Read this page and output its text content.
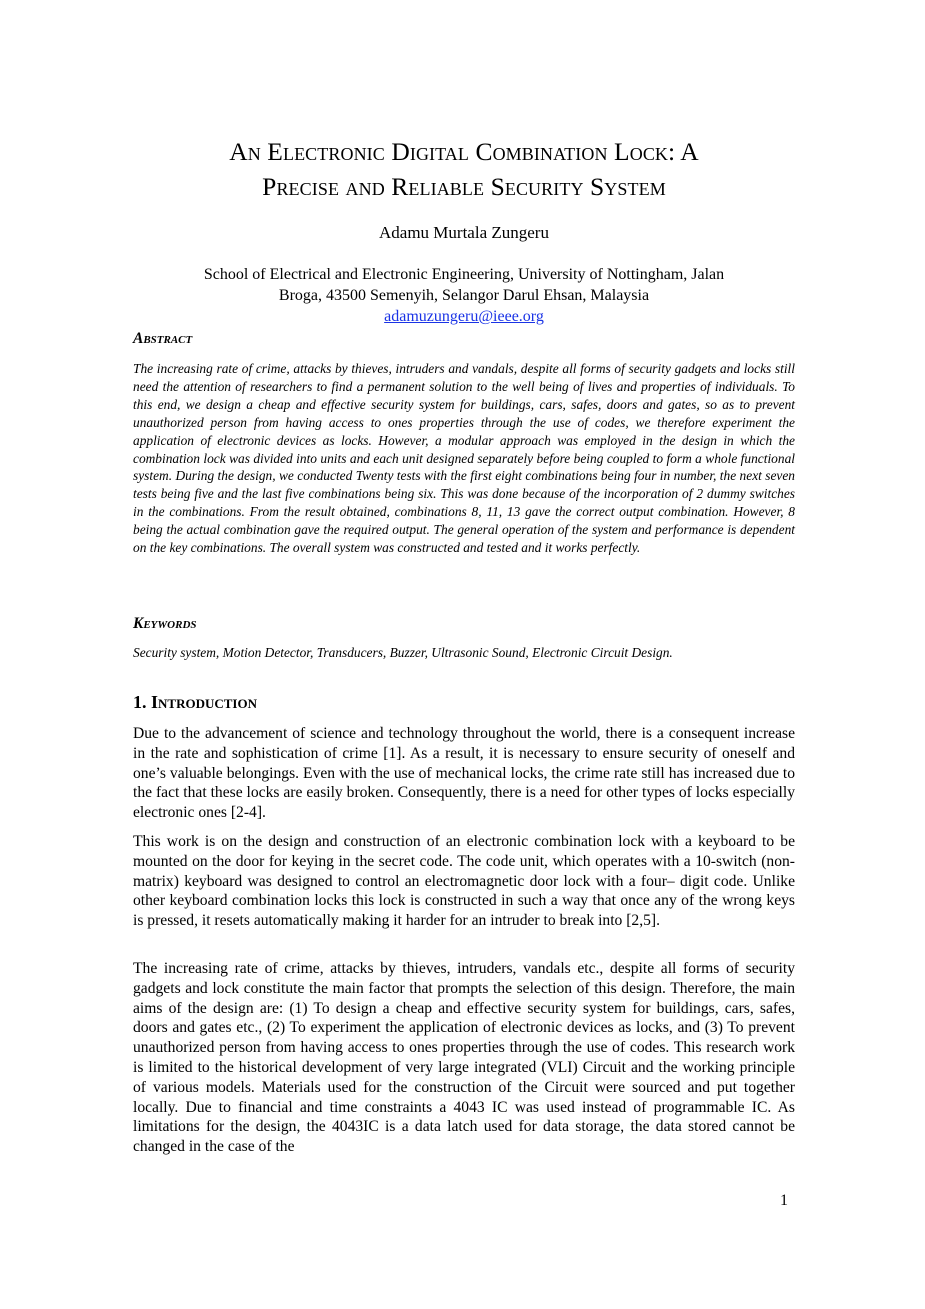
An Electronic Digital Combination Lock: A
Precise and Reliable Security System

Adamu Murtala Zungeru

School of Electrical and Electronic Engineering, University of Nottingham, Jalan
Broga, 43500 Semenyih, Selangor Darul Ehsan, Malaysia
adamuzungeru@ieee.org
Abstract

The increasing rate of crime, attacks by thieves, intruders and vandals, despite all forms of security gadgets and locks still need the attention of researchers to find a permanent solution to the well being of lives and properties of individuals. To this end, we design a cheap and effective security system for buildings, cars, safes, doors and gates, so as to prevent unauthorized person from having access to ones properties through the use of codes, we therefore experiment the application of electronic devices as locks. However, a modular approach was employed in the design in which the combination lock was divided into units and each unit designed separately before being coupled to form a whole functional system. During the design, we conducted Twenty tests with the first eight combinations being four in number, the next seven tests being five and the last five combinations being six. This was done because of the incorporation of 2 dummy switches in the combinations. From the result obtained, combinations 8, 11, 13 gave the correct output combination. However, 8 being the actual combination gave the required output. The general operation of the system and performance is dependent on the key combinations. The overall system was constructed and tested and it works perfectly.

Keywords

Security system, Motion Detector, Transducers, Buzzer, Ultrasonic Sound, Electronic Circuit Design.

1. Introduction

Due to the advancement of science and technology throughout the world, there is a consequent increase in the rate and sophistication of crime [1]. As a result, it is necessary to ensure security of oneself and one’s valuable belongings. Even with the use of mechanical locks, the crime rate still has increased due to the fact that these locks are easily broken. Consequently, there is a need for other types of locks especially electronic ones [2-4].

This work is on the design and construction of an electronic combination lock with a keyboard to be mounted on the door for keying in the secret code. The code unit, which operates with a 10-switch (non- matrix) keyboard was designed to control an electromagnetic door lock with a four– digit code. Unlike other keyboard combination locks this lock is constructed in such a way that once any of the wrong keys is pressed, it resets automatically making it harder for an intruder to break into [2,5].

The increasing rate of crime, attacks by thieves, intruders, vandals etc., despite all forms of security gadgets and lock constitute the main factor that prompts the selection of this design. Therefore, the main aims of the design are: (1) To design a cheap and effective security system for buildings, cars, safes, doors and gates etc., (2) To experiment the application of electronic devices as locks, and (3) To prevent unauthorized person from having access to ones properties through the use of codes. This research work is limited to the historical development of very large integrated (VLI) Circuit and the working principle of various models. Materials used for the construction of the Circuit were sourced and put together locally. Due to financial and time constraints a 4043 IC was used instead of programmable IC. As limitations for the design, the 4043IC is a data latch used for data storage, the data stored cannot be changed in the case of the

1
